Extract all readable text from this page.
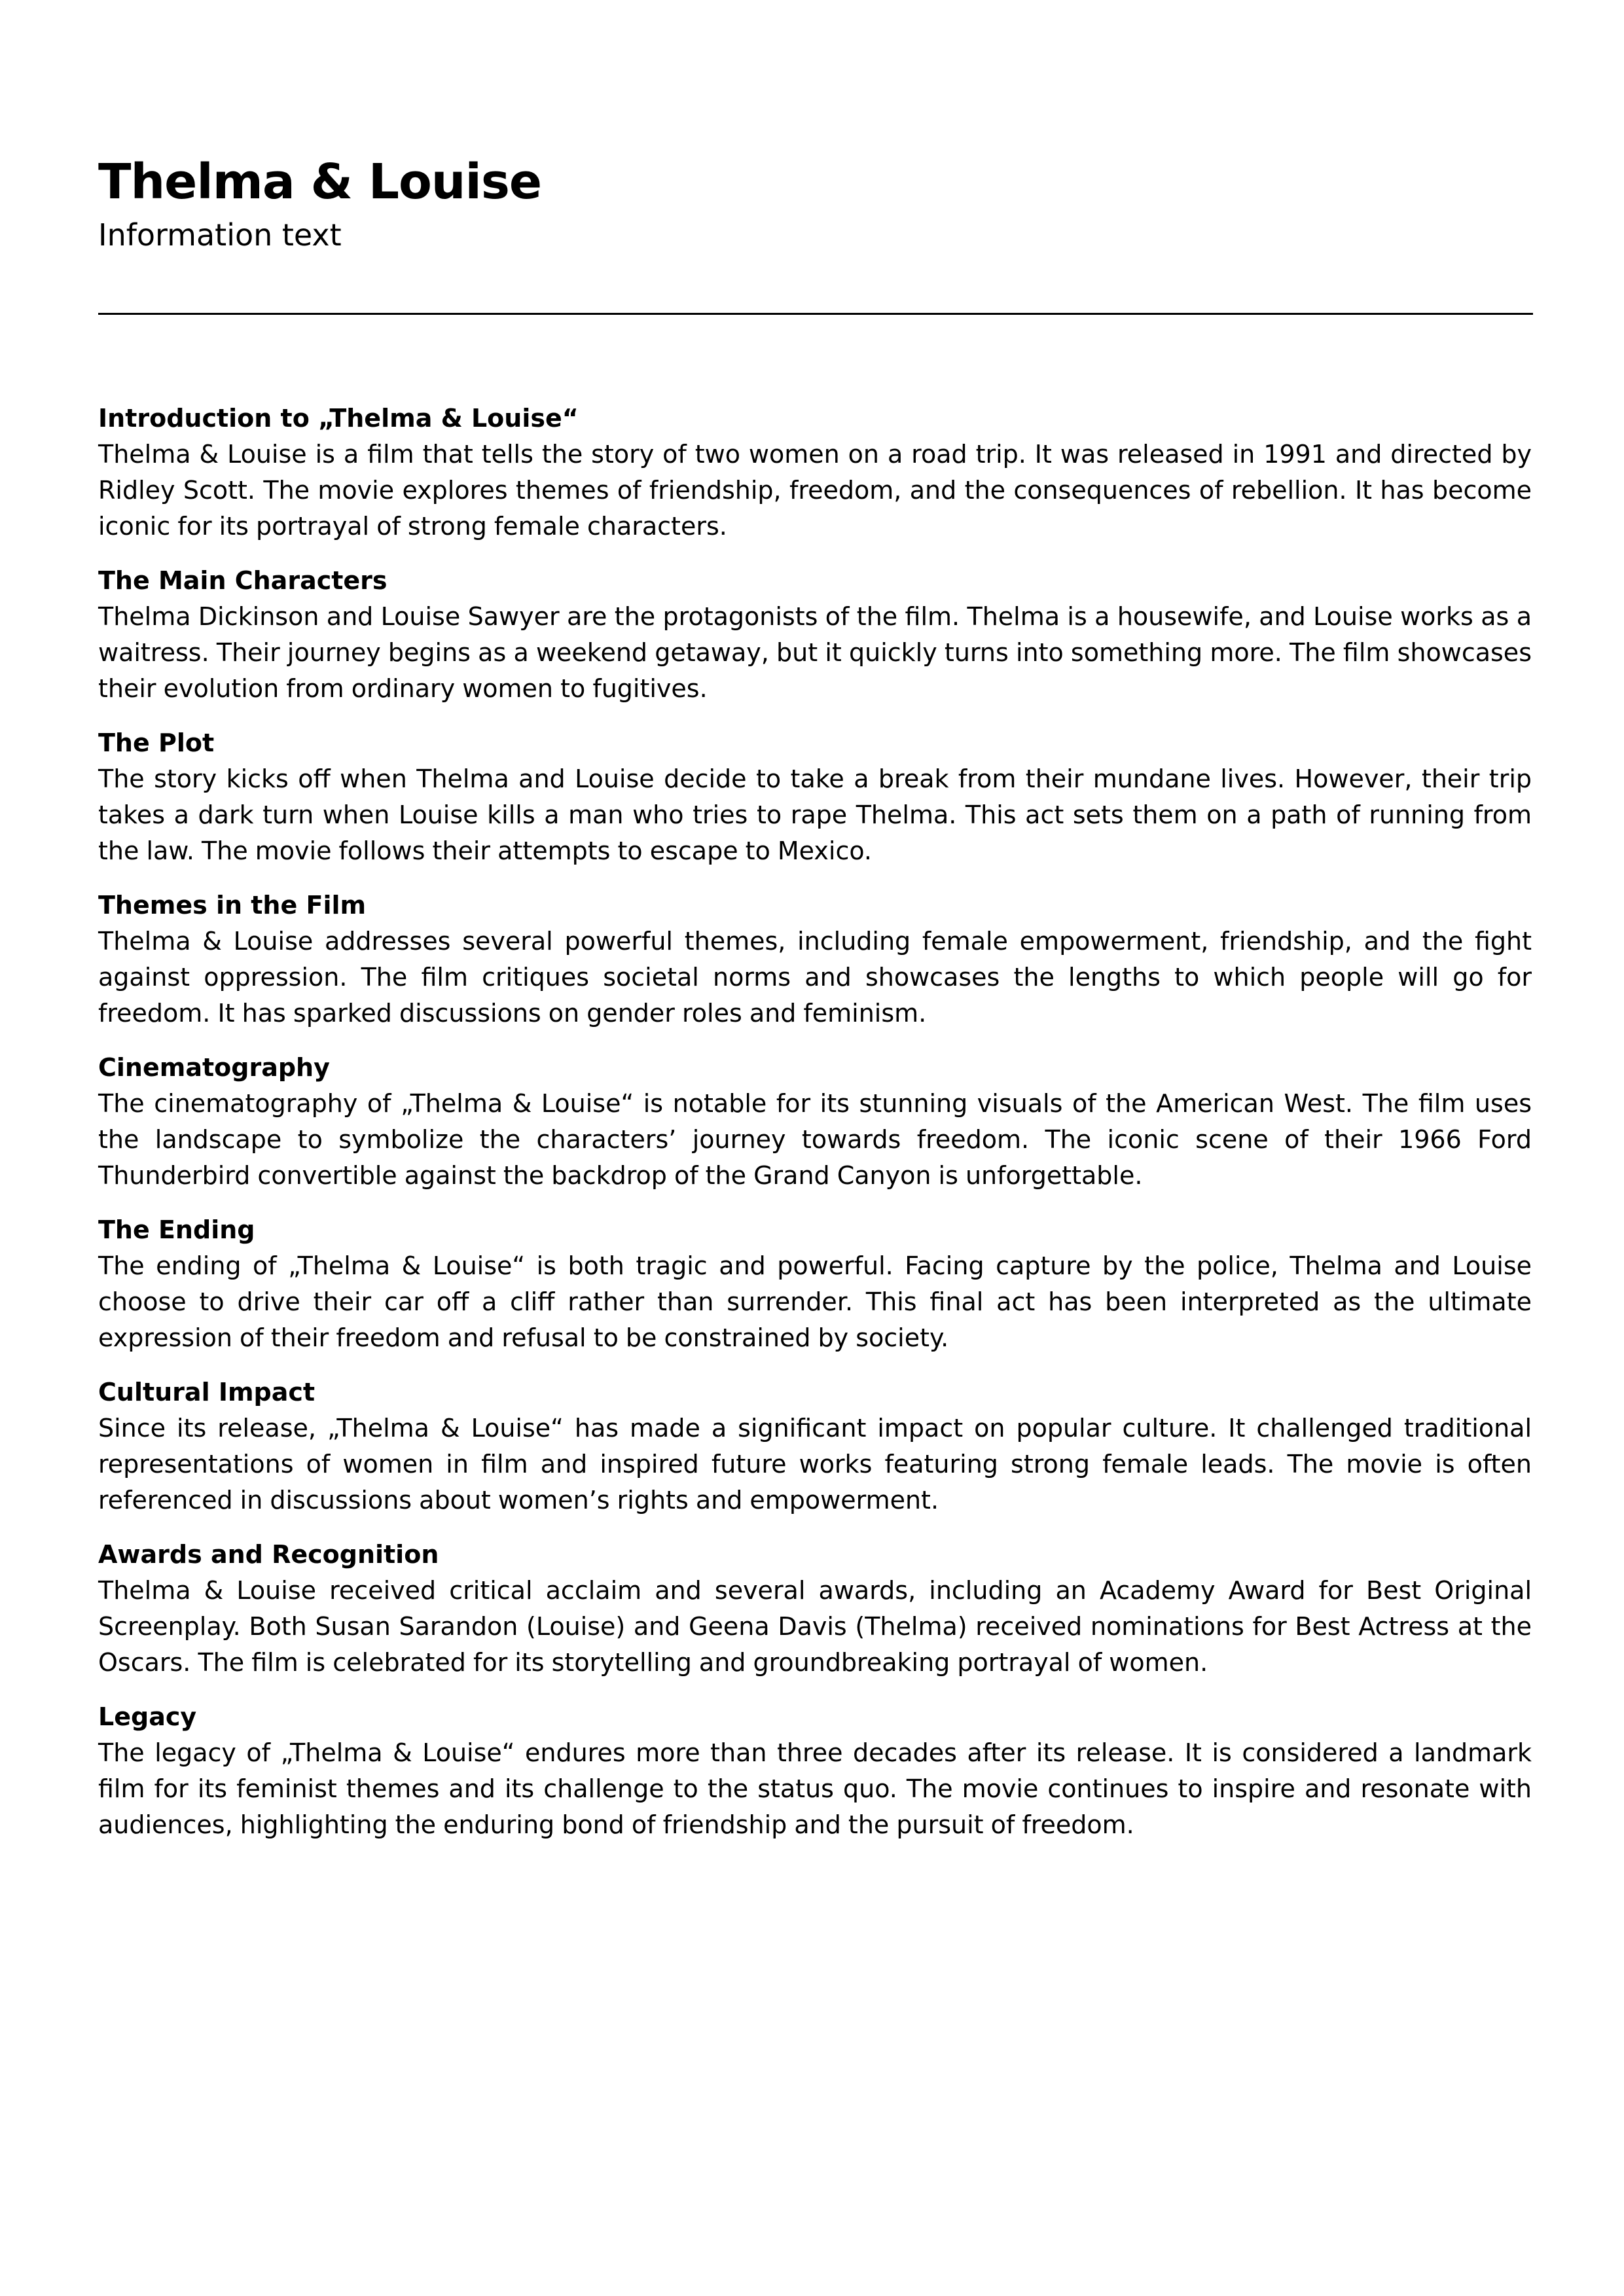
Thelma & Louise

Information text

Introduction to „Thelma & Louise“

Thelma & Louise is a film that tells the story of two women on a road trip. It was released in 1991 and directed by Ridley Scott. The movie explores themes of friendship, freedom, and the consequences of rebellion. It has become iconic for its portrayal of strong female characters.

The Main Characters

Thelma Dickinson and Louise Sawyer are the protagonists of the film. Thelma is a housewife, and Louise works as a waitress. Their journey begins as a weekend getaway, but it quickly turns into something more. The film showcases their evolution from ordinary women to fugitives.

The Plot

The story kicks off when Thelma and Louise decide to take a break from their mundane lives. However, their trip takes a dark turn when Louise kills a man who tries to rape Thelma. This act sets them on a path of running from the law. The movie follows their attempts to escape to Mexico.

Themes in the Film

Thelma & Louise addresses several powerful themes, including female empowerment, friendship, and the fight against oppression. The film critiques societal norms and showcases the lengths to which people will go for freedom. It has sparked discussions on gender roles and feminism.

Cinematography

The cinematography of „Thelma & Louise“ is notable for its stunning visuals of the American West. The film uses the landscape to symbolize the characters’ journey towards freedom. The iconic scene of their 1966 Ford Thunderbird convertible against the backdrop of the Grand Canyon is unforgettable.

The Ending

The ending of „Thelma & Louise“ is both tragic and powerful. Facing capture by the police, Thelma and Louise choose to drive their car off a cliff rather than surrender. This final act has been interpreted as the ultimate expression of their freedom and refusal to be constrained by society.

Cultural Impact

Since its release, „Thelma & Louise“ has made a significant impact on popular culture. It challenged traditional representations of women in film and inspired future works featuring strong female leads. The movie is often referenced in discussions about women’s rights and empowerment.

Awards and Recognition

Thelma & Louise received critical acclaim and several awards, including an Academy Award for Best Original Screenplay. Both Susan Sarandon (Louise) and Geena Davis (Thelma) received nominations for Best Actress at the Oscars. The film is celebrated for its storytelling and groundbreaking portrayal of women.

Legacy

The legacy of „Thelma & Louise“ endures more than three decades after its release. It is considered a landmark film for its feminist themes and its challenge to the status quo. The movie continues to inspire and resonate with audiences, highlighting the enduring bond of friendship and the pursuit of freedom.
